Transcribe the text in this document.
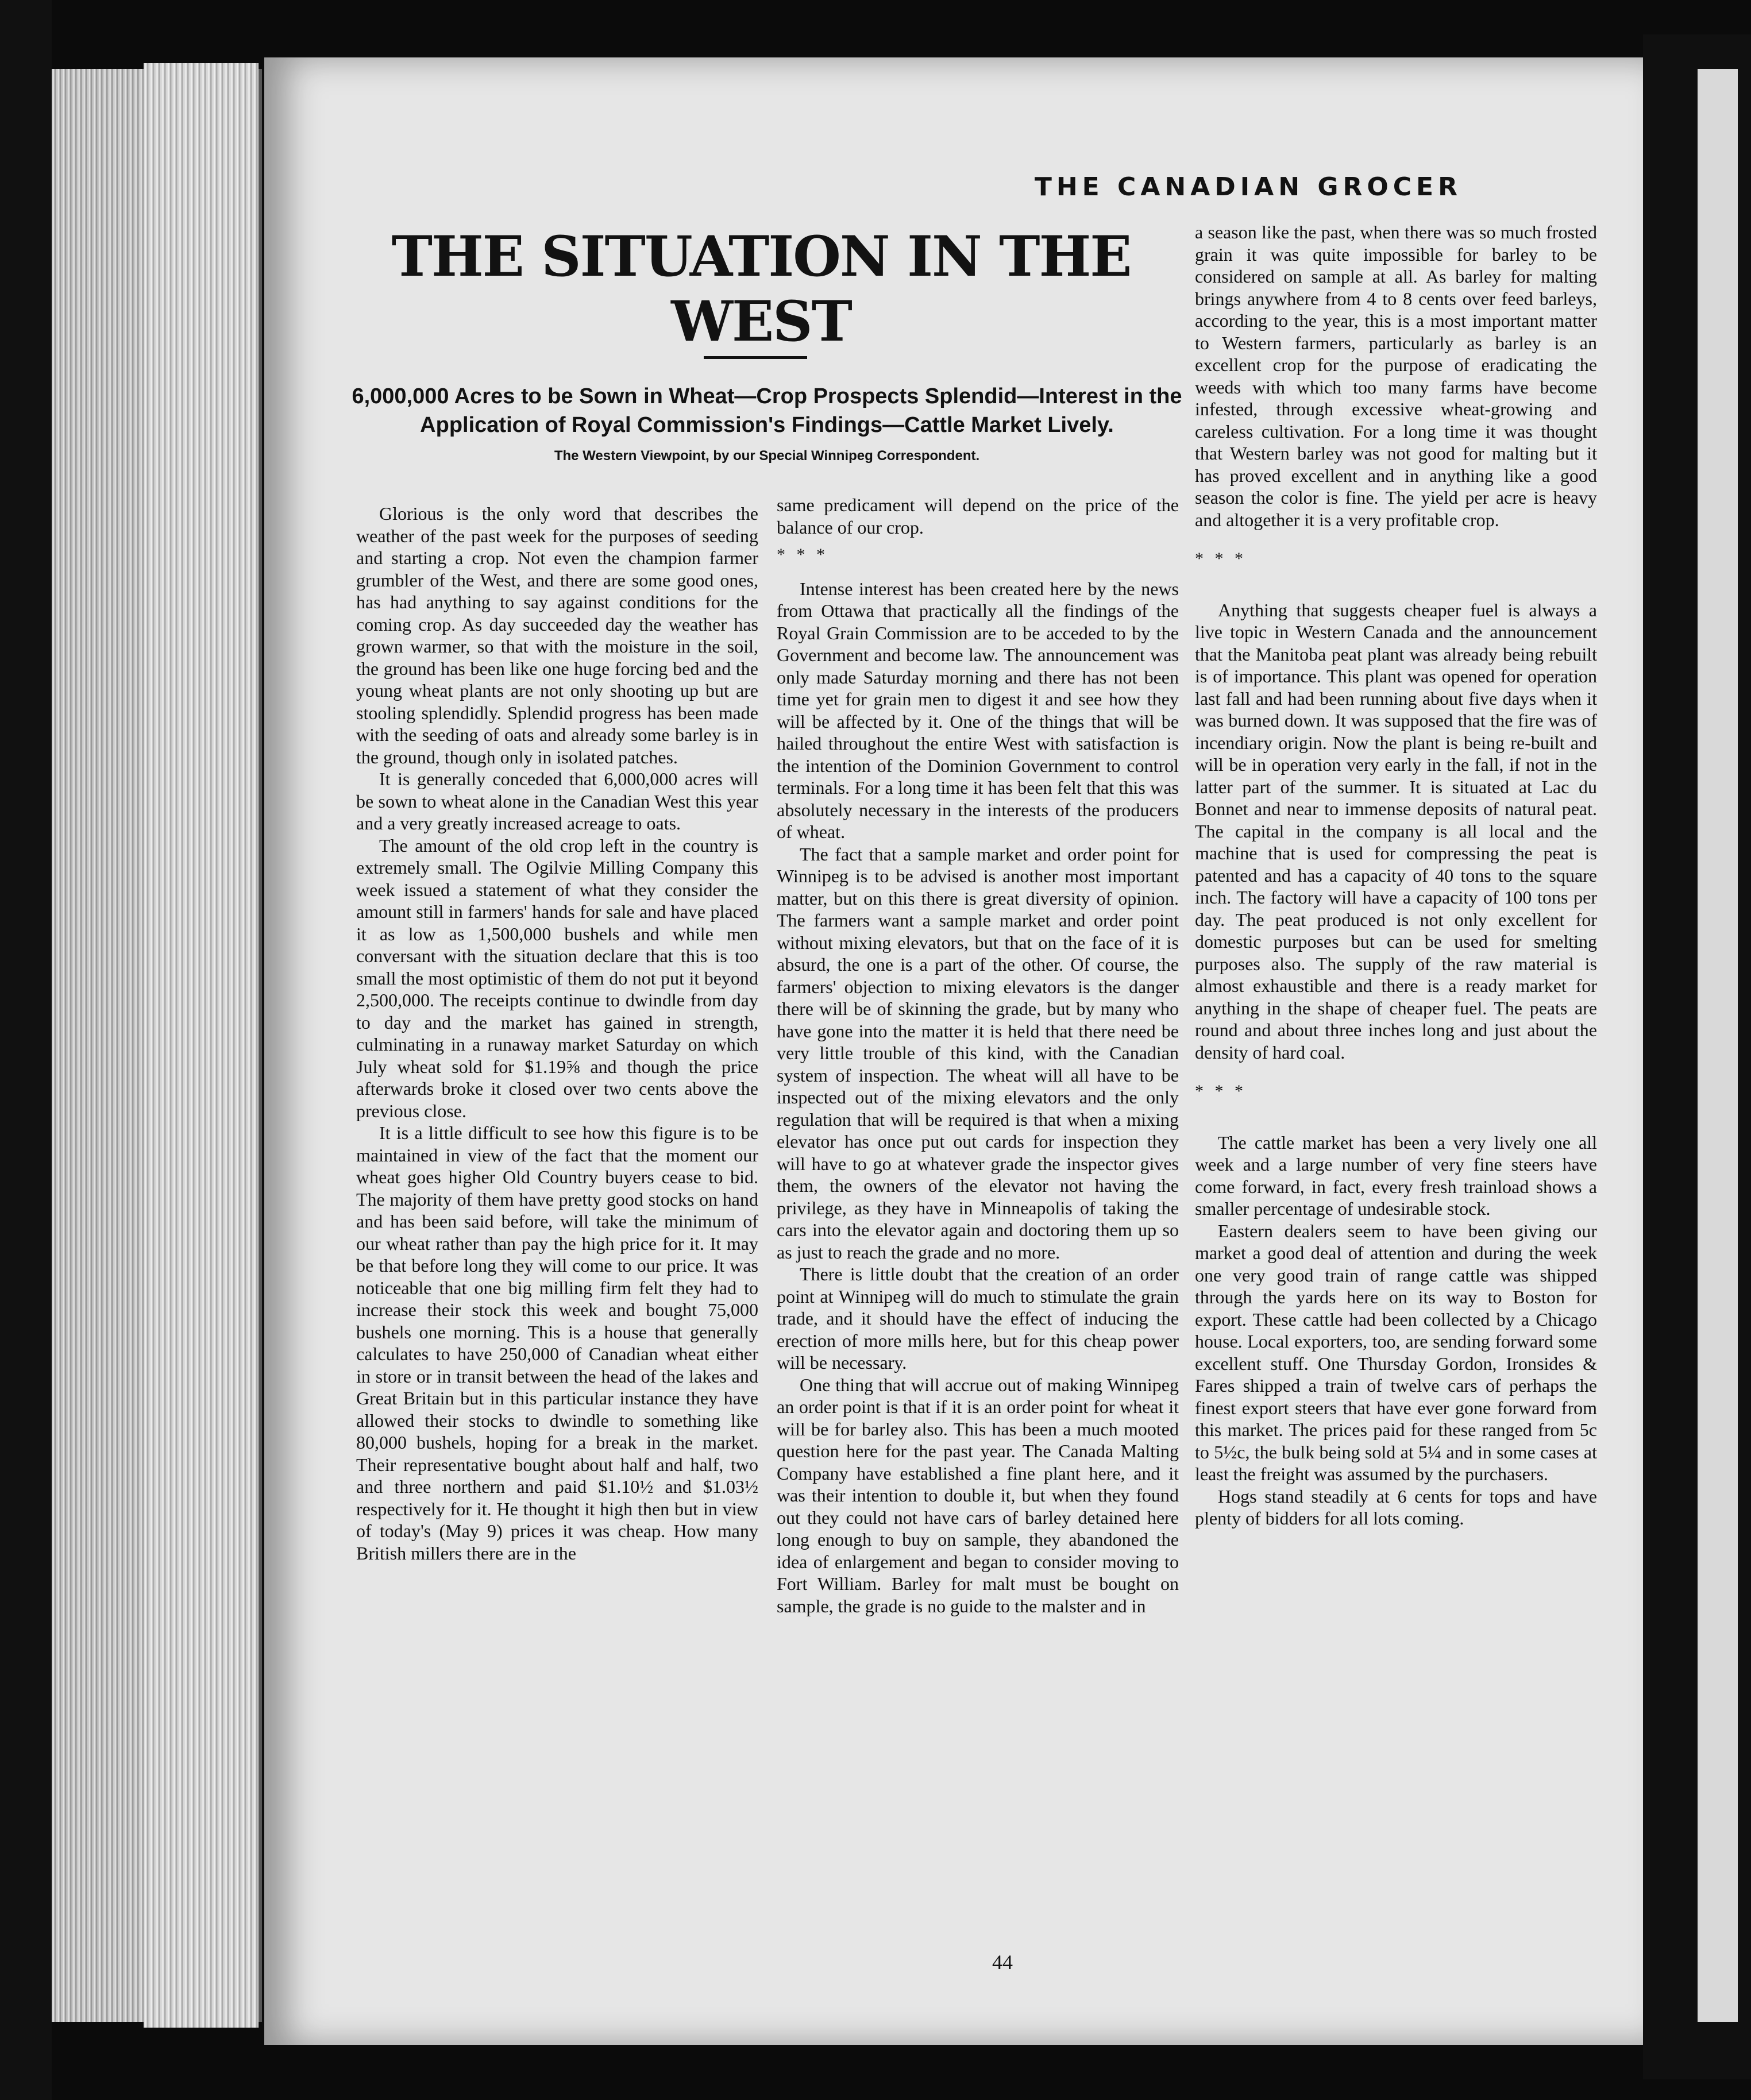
THE CANADIAN GROCER
THE SITUATION IN THE WEST
6,000,000 Acres to be Sown in Wheat—Crop Prospects Splendid—Interest in the Application of Royal Commission's Findings—Cattle Market Lively.
The Western Viewpoint, by our Special Winnipeg Correspondent.

Glorious is the only word that describes the weather of the past week for the purposes of seeding and starting a crop. Not even the champion farmer grumbler of the West, and there are some good ones, has had anything to say against conditions for the coming crop. As day succeeded day the weather has grown warmer, so that with the moisture in the soil, the ground has been like one huge forcing bed and the young wheat plants are not only shooting up but are stooling splendidly. Splendid progress has been made with the seeding of oats and already some barley is in the ground, though only in isolated patches.

It is generally conceded that 6,000,000 acres will be sown to wheat alone in the Canadian West this year and a very greatly increased acreage to oats.

The amount of the old crop left in the country is extremely small. The Ogilvie Milling Company this week issued a statement of what they consider the amount still in farmers' hands for sale and have placed it as low as 1,500,000 bushels and while men conversant with the situation declare that this is too small the most optimistic of them do not put it beyond 2,500,000. The receipts continue to dwindle from day to day and the market has gained in strength, culminating in a runaway market Saturday on which July wheat sold for $1.19⅝ and though the price afterwards broke it closed over two cents above the previous close.

It is a little difficult to see how this figure is to be maintained in view of the fact that the moment our wheat goes higher Old Country buyers cease to bid. The majority of them have pretty good stocks on hand and has been said before, will take the minimum of our wheat rather than pay the high price for it. It may be that before long they will come to our price. It was noticeable that one big milling firm felt they had to increase their stock this week and bought 75,000 bushels one morning. This is a house that generally calculates to have 250,000 of Canadian wheat either in store or in transit between the head of the lakes and Great Britain but in this particular instance they have allowed their stocks to dwindle to something like 80,000 bushels, hoping for a break in the market. Their representative bought about half and half, two and three northern and paid $1.10½ and $1.03½ respectively for it. He thought it high then but in view of today's (May 9) prices it was cheap. How many British millers there are in the

same predicament will depend on the price of the balance of our crop.

* * *

Intense interest has been created here by the news from Ottawa that practically all the findings of the Royal Grain Commission are to be acceded to by the Government and become law. The announcement was only made Saturday morning and there has not been time yet for grain men to digest it and see how they will be affected by it. One of the things that will be hailed throughout the entire West with satisfaction is the intention of the Dominion Government to control terminals. For a long time it has been felt that this was absolutely necessary in the interests of the producers of wheat.

The fact that a sample market and order point for Winnipeg is to be advised is another most important matter, but on this there is great diversity of opinion. The farmers want a sample market and order point without mixing elevators, but that on the face of it is absurd, the one is a part of the other. Of course, the farmers' objection to mixing elevators is the danger there will be of skinning the grade, but by many who have gone into the matter it is held that there need be very little trouble of this kind, with the Canadian system of inspection. The wheat will all have to be inspected out of the mixing elevators and the only regulation that will be required is that when a mixing elevator has once put out cards for inspection they will have to go at whatever grade the inspector gives them, the owners of the elevator not having the privilege, as they have in Minneapolis of taking the cars into the elevator again and doctoring them up so as just to reach the grade and no more.

There is little doubt that the creation of an order point at Winnipeg will do much to stimulate the grain trade, and it should have the effect of inducing the erection of more mills here, but for this cheap power will be necessary.

One thing that will accrue out of making Winnipeg an order point is that if it is an order point for wheat it will be for barley also. This has been a much mooted question here for the past year. The Canada Malting Company have established a fine plant here, and it was their intention to double it, but when they found out they could not have cars of barley detained here long enough to buy on sample, they abandoned the idea of enlargement and began to consider moving to Fort William. Barley for malt must be bought on sample, the grade is no guide to the malster and in

a season like the past, when there was so much frosted grain it was quite impossible for barley to be considered on sample at all. As barley for malting brings anywhere from 4 to 8 cents over feed barleys, according to the year, this is a most important matter to Western farmers, particularly as barley is an excellent crop for the purpose of eradicating the weeds with which too many farms have become infested, through excessive wheat-growing and careless cultivation. For a long time it was thought that Western barley was not good for malting but it has proved excellent and in anything like a good season the color is fine. The yield per acre is heavy and altogether it is a very profitable crop.

* * *

Anything that suggests cheaper fuel is always a live topic in Western Canada and the announcement that the Manitoba peat plant was already being rebuilt is of importance. This plant was opened for operation last fall and had been running about five days when it was burned down. It was supposed that the fire was of incendiary origin. Now the plant is being re-built and will be in operation very early in the fall, if not in the latter part of the summer. It is situated at Lac du Bonnet and near to immense deposits of natural peat. The capital in the company is all local and the machine that is used for compressing the peat is patented and has a capacity of 40 tons to the square inch. The factory will have a capacity of 100 tons per day. The peat produced is not only excellent for domestic purposes but can be used for smelting purposes also. The supply of the raw material is almost exhaustible and there is a ready market for anything in the shape of cheaper fuel. The peats are round and about three inches long and just about the density of hard coal.

* * *

The cattle market has been a very lively one all week and a large number of very fine steers have come forward, in fact, every fresh trainload shows a smaller percentage of undesirable stock.

Eastern dealers seem to have been giving our market a good deal of attention and during the week one very good train of range cattle was shipped through the yards here on its way to Boston for export. These cattle had been collected by a Chicago house. Local exporters, too, are sending forward some excellent stuff. One Thursday Gordon, Ironsides & Fares shipped a train of twelve cars of perhaps the finest export steers that have ever gone forward from this market. The prices paid for these ranged from 5c to 5½c, the bulk being sold at 5¼ and in some cases at least the freight was assumed by the purchasers.

Hogs stand steadily at 6 cents for tops and have plenty of bidders for all lots coming.

44
